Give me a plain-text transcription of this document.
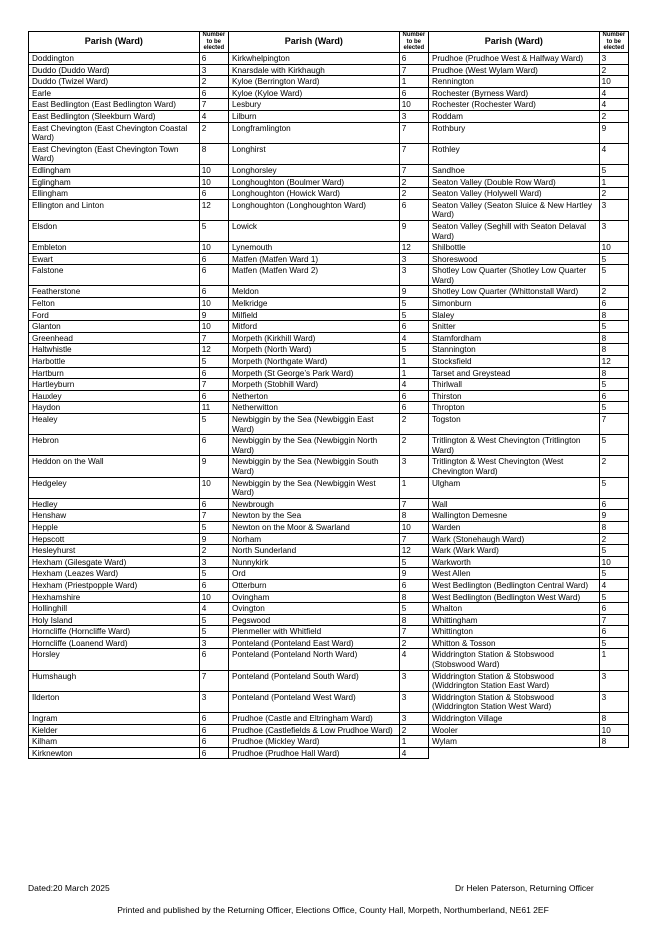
Parish (Ward)	Number to be elected	Parish (Ward)	Number to be elected	Parish (Ward)	Number to be elected
Doddington	6	Kirkwhelpington	6	Prudhoe (Prudhoe West & Halfway Ward)	3
Duddo (Duddo Ward)	3	Knarsdale with Kirkhaugh	7	Prudhoe (West Wylam Ward)	2
Duddo (Twizel Ward)	2	Kyloe (Berrington Ward)	1	Rennington	10
Earle	6	Kyloe (Kyloe Ward)	6	Rochester (Byrness Ward)	4
East Bedlington (East Bedlington Ward)	7	Lesbury	10	Rochester (Rochester Ward)	4
East Bedlington (Sleekburn Ward)	4	Lilburn	3	Roddam	2
East Chevington (East Chevington Coastal Ward)	2	Longframlington	7	Rothbury	9
East Chevington (East Chevington Town Ward)	8	Longhirst	7	Rothley	4
Edlingham	10	Longhorsley	7	Sandhoe	5
Eglingham	10	Longhoughton (Boulmer Ward)	2	Seaton Valley (Double Row Ward)	1
Ellingham	6	Longhoughton (Howick Ward)	2	Seaton Valley (Holywell Ward)	2
Ellington and Linton	12	Longhoughton (Longhoughton Ward)	6	Seaton Valley (Seaton Sluice & New Hartley Ward)	3
Elsdon	5	Lowick	9	Seaton Valley (Seghill with Seaton Delaval Ward)	3
Embleton	10	Lynemouth	12	Shilbottle	10
Ewart	6	Matfen (Matfen Ward 1)	3	Shoreswood	5
Falstone	6	Matfen (Matfen Ward 2)	3	Shotley Low Quarter (Shotley Low Quarter Ward)	5
Featherstone	6	Meldon	9	Shotley Low Quarter (Whittonstall Ward)	2
Felton	10	Melkridge	5	Simonburn	6
Ford	9	Milfield	5	Slaley	8
Glanton	10	Mitford	6	Snitter	5
Greenhead	7	Morpeth (Kirkhill Ward)	4	Stamfordham	8
Haltwhistle	12	Morpeth (North Ward)	5	Stannington	8
Harbottle	5	Morpeth (Northgate Ward)	1	Stocksfield	12
Hartburn	6	Morpeth (St George’s Park Ward)	1	Tarset and Greystead	8
Hartleyburn	7	Morpeth (Stobhill Ward)	4	Thirlwall	5
Hauxley	6	Netherton	6	Thirston	6
Haydon	11	Netherwitton	6	Thropton	5
Healey	5	Newbiggin by the Sea (Newbiggin East Ward)	2	Togston	7
Hebron	6	Newbiggin by the Sea (Newbiggin North Ward)	2	Tritlington & West Chevington (Tritlington Ward)	5
Heddon on the Wall	9	Newbiggin by the Sea (Newbiggin South Ward)	3	Tritlington & West Chevington (West Chevington Ward)	2
Hedgeley	10	Newbiggin by the Sea (Newbiggin West Ward)	1	Ulgham	5
Hedley	6	Newbrough	7	Wall	6
Henshaw	7	Newton by the Sea	8	Wallington Demesne	9
Hepple	5	Newton on the Moor & Swarland	10	Warden	8
Hepscott	9	Norham	7	Wark (Stonehaugh Ward)	2
Hesleyhurst	2	North Sunderland	12	Wark (Wark Ward)	5
Hexham (Gilesgate Ward)	3	Nunnykirk	5	Warkworth	10
Hexham (Leazes Ward)	5	Ord	9	West Allen	5
Hexham (Priestpopple Ward)	6	Otterburn	6	West Bedlington (Bedlington Central Ward)	4
Hexhamshire	10	Ovingham	8	West Bedlington (Bedlington West Ward)	5
Hollinghill	4	Ovington	5	Whalton	6
Holy Island	5	Pegswood	8	Whittingham	7
Horncliffe (Horncliffe Ward)	5	Plenmeller with Whitfield	7	Whittington	6
Horncliffe (Loanend Ward)	3	Ponteland (Ponteland East Ward)	2	Whitton & Tosson	5
Horsley	6	Ponteland (Ponteland North Ward)	4	Widdrington Station & Stobswood (Stobswood Ward)	1
Humshaugh	7	Ponteland (Ponteland South Ward)	3	Widdrington Station & Stobswood (Widdrington Station East Ward)	3
Ilderton	3	Ponteland (Ponteland West Ward)	3	Widdrington Station & Stobswood (Widdrington Station West Ward)	3
Ingram	6	Prudhoe (Castle and Eltringham Ward)	3	Widdrington Village	8
Kielder	6	Prudhoe (Castlefields & Low Prudhoe Ward)	2	Wooler	10
Kilham	6	Prudhoe (Mickley Ward)	1	Wylam	8
Kirknewton	6	Prudhoe (Prudhoe Hall Ward)	4		
Dated:20 March 2025	Dr Helen Paterson, Returning Officer
Printed and published by the Returning Officer, Elections Office, County Hall, Morpeth, Northumberland, NE61 2EF
